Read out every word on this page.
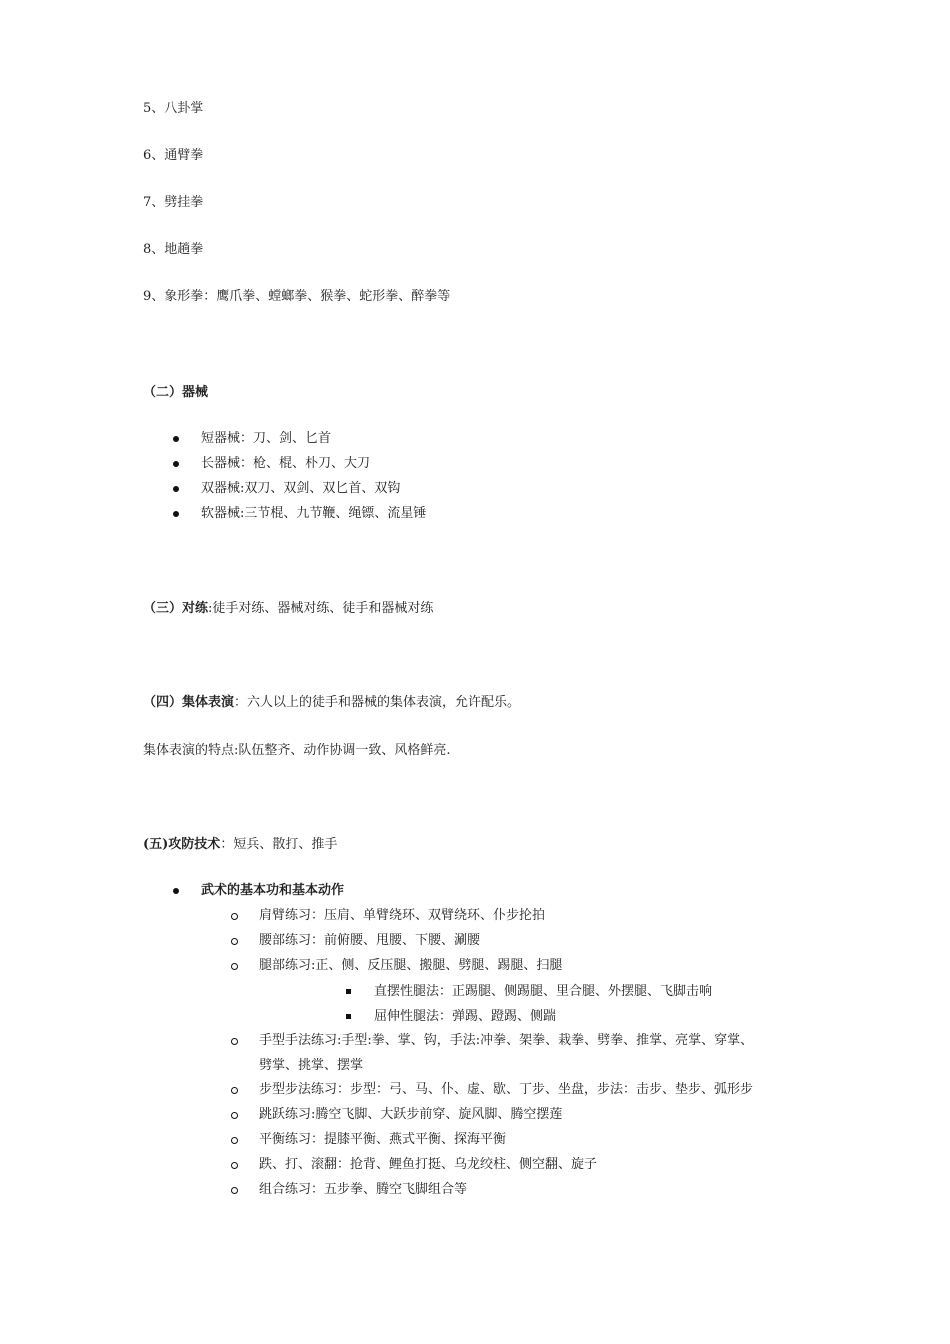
5、八卦掌
6、通臂拳
7、劈挂拳
8、地趟拳
9、象形拳：鹰爪拳、螳螂拳、猴拳、蛇形拳、醉拳等
（二）器械
短器械：刀、剑、匕首
长器械：枪、棍、朴刀、大刀
双器械:双刀、双剑、双匕首、双钩
软器械:三节棍、九节鞭、绳镖、流星锤
（三）对练:徒手对练、器械对练、徒手和器械对练
（四）集体表演：六人以上的徒手和器械的集体表演，允许配乐。
集体表演的特点:队伍整齐、动作协调一致、风格鲜亮.
(五)攻防技术：短兵、散打、推手
武术的基本功和基本动作
肩臂练习：压肩、单臂绕环、双臂绕环、仆步抡拍
腰部练习：前俯腰、甩腰、下腰、涮腰
腿部练习:正、侧、反压腿、搬腿、劈腿、踢腿、扫腿
直摆性腿法：正踢腿、侧踢腿、里合腿、外摆腿、飞脚击响
屈伸性腿法：弹踢、蹬踢、侧踹
手型手法练习:手型:拳、掌、钩，手法:冲拳、架拳、栽拳、劈拳、推掌、亮掌、穿掌、
劈掌、挑掌、摆掌
步型步法练习：步型：弓、马、仆、虚、歇、丁步、坐盘，步法：击步、垫步、弧形步
跳跃练习:腾空飞脚、大跃步前穿、旋风脚、腾空摆莲
平衡练习：提膝平衡、燕式平衡、探海平衡
跌、打、滚翻：抢背、鲤鱼打挺、乌龙绞柱、侧空翻、旋子
组合练习：五步拳、腾空飞脚组合等
